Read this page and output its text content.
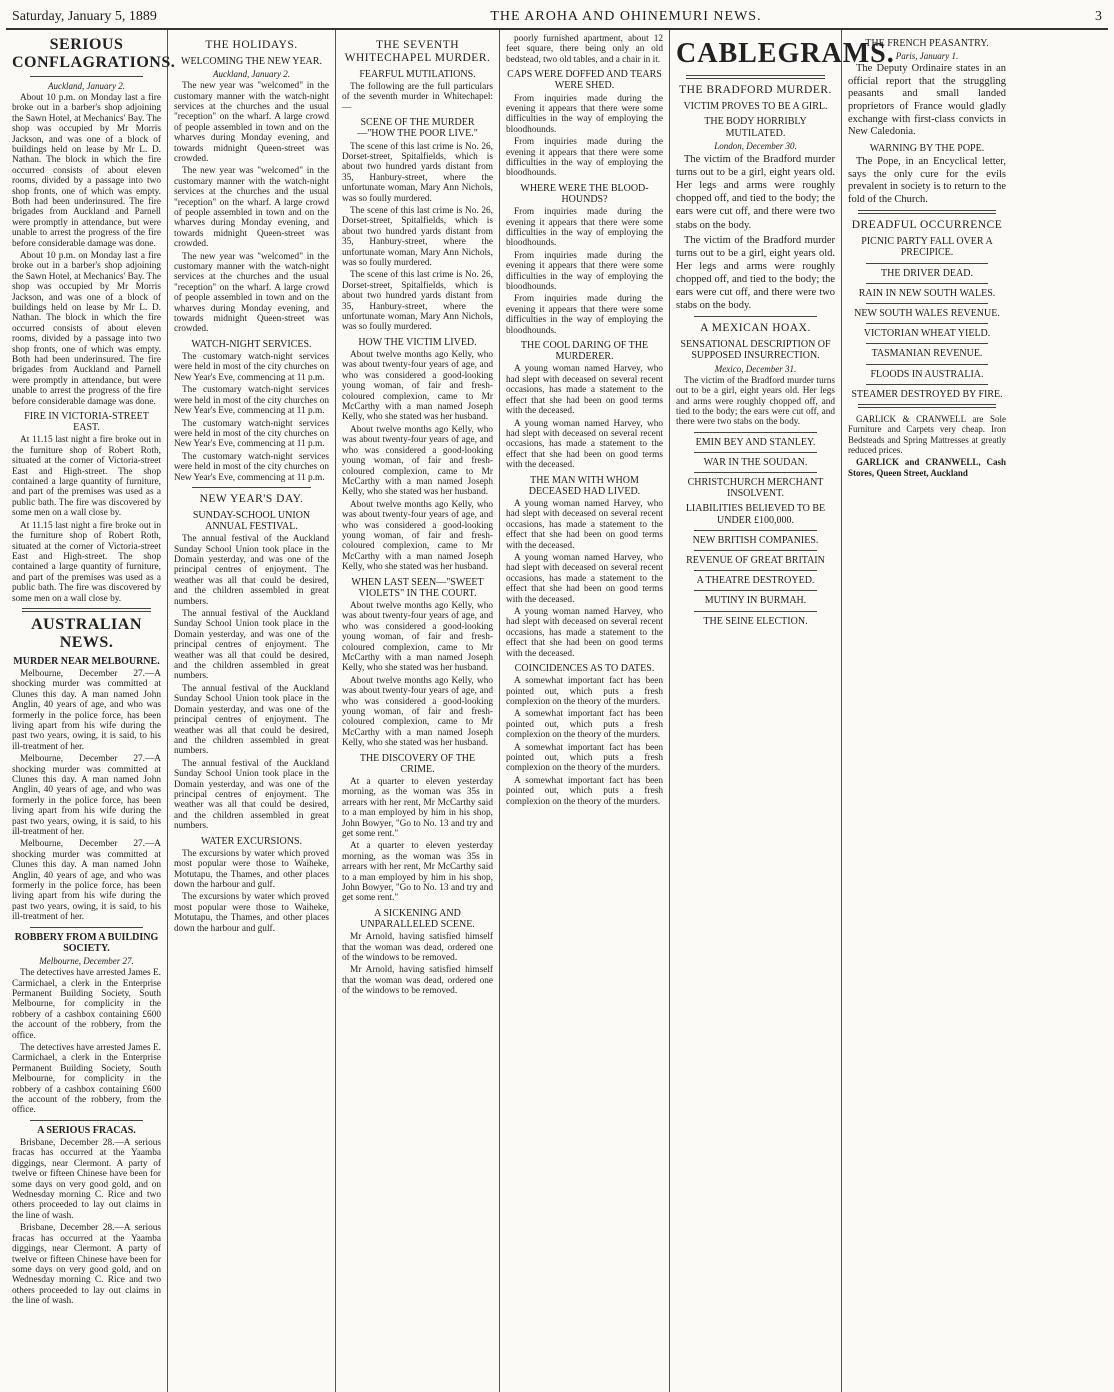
Saturday, January 5, 1889	THE AROHA AND OHINEMURI NEWS.	3
SERIOUS CONFLAGRATIONS.
Auckland, January 2.

About 10 p.m. on Monday last a fire broke out in a barber's shop adjoining the Sawn Hotel, at Mechanics' Bay. The shop was occupied by Mr Morris Jackson, and was one of a block of buildings held on lease by Mr L. D. Nathan. The block in which the fire occurred consists of about eleven rooms, divided by a passage into two shop fronts, one of which was empty. Both had been underinsured. The fire brigades from Auckland and Parnell were promptly in attendance, but were unable to arrest the progress of the fire before considerable damage was done.

About 10 p.m. on Monday last a fire broke out in a barber's shop adjoining the Sawn Hotel, at Mechanics' Bay. The shop was occupied by Mr Morris Jackson, and was one of a block of buildings held on lease by Mr L. D. Nathan. The block in which the fire occurred consists of about eleven rooms, divided by a passage into two shop fronts, one of which was empty. Both had been underinsured. The fire brigades from Auckland and Parnell were promptly in attendance, but were unable to arrest the progress of the fire before considerable damage was done.

FIRE IN VICTORIA-STREET EAST.

At 11.15 last night a fire broke out in the furniture shop of Robert Roth, situated at the corner of Victoria-street East and High-street. The shop contained a large quantity of furniture, and part of the premises was used as a public bath. The fire was discovered by some men on a wall close by.

At 11.15 last night a fire broke out in the furniture shop of Robert Roth, situated at the corner of Victoria-street East and High-street. The shop contained a large quantity of furniture, and part of the premises was used as a public bath. The fire was discovered by some men on a wall close by.

AUSTRALIAN NEWS.
MURDER NEAR MELBOURNE.

Melbourne, December 27.—A shocking murder was committed at Clunes this day. A man named John Anglin, 40 years of age, and who was formerly in the police force, has been living apart from his wife during the past two years, owing, it is said, to his ill-treatment of her.

Melbourne, December 27.—A shocking murder was committed at Clunes this day. A man named John Anglin, 40 years of age, and who was formerly in the police force, has been living apart from his wife during the past two years, owing, it is said, to his ill-treatment of her.

Melbourne, December 27.—A shocking murder was committed at Clunes this day. A man named John Anglin, 40 years of age, and who was formerly in the police force, has been living apart from his wife during the past two years, owing, it is said, to his ill-treatment of her.

ROBBERY FROM A BUILDING SOCIETY.
Melbourne, December 27.

The detectives have arrested James E. Carmichael, a clerk in the Enterprise Permanent Building Society, South Melbourne, for complicity in the robbery of a cashbox containing £600 the account of the robbery, from the office.

The detectives have arrested James E. Carmichael, a clerk in the Enterprise Permanent Building Society, South Melbourne, for complicity in the robbery of a cashbox containing £600 the account of the robbery, from the office.

A SERIOUS FRACAS.

Brisbane, December 28.—A serious fracas has occurred at the Yaamba diggings, near Clermont. A party of twelve or fifteen Chinese have been for some days on very good gold, and on Wednesday morning C. Rice and two others proceeded to lay out claims in the line of wash.

Brisbane, December 28.—A serious fracas has occurred at the Yaamba diggings, near Clermont. A party of twelve or fifteen Chinese have been for some days on very good gold, and on Wednesday morning C. Rice and two others proceeded to lay out claims in the line of wash.

THE HOLIDAYS.
WELCOMING THE NEW YEAR.
Auckland, January 2.

The new year was "welcomed" in the customary manner with the watch-night services at the churches and the usual "reception" on the wharf. A large crowd of people assembled in town and on the wharves during Monday evening, and towards midnight Queen-street was crowded.

The new year was "welcomed" in the customary manner with the watch-night services at the churches and the usual "reception" on the wharf. A large crowd of people assembled in town and on the wharves during Monday evening, and towards midnight Queen-street was crowded.

The new year was "welcomed" in the customary manner with the watch-night services at the churches and the usual "reception" on the wharf. A large crowd of people assembled in town and on the wharves during Monday evening, and towards midnight Queen-street was crowded.

WATCH-NIGHT SERVICES.

The customary watch-night services were held in most of the city churches on New Year's Eve, commencing at 11 p.m.

The customary watch-night services were held in most of the city churches on New Year's Eve, commencing at 11 p.m.

The customary watch-night services were held in most of the city churches on New Year's Eve, commencing at 11 p.m.

The customary watch-night services were held in most of the city churches on New Year's Eve, commencing at 11 p.m.

NEW YEAR'S DAY.
SUNDAY-SCHOOL UNION ANNUAL FESTIVAL.

The annual festival of the Auckland Sunday School Union took place in the Domain yesterday, and was one of the principal centres of enjoyment. The weather was all that could be desired, and the children assembled in great numbers.

The annual festival of the Auckland Sunday School Union took place in the Domain yesterday, and was one of the principal centres of enjoyment. The weather was all that could be desired, and the children assembled in great numbers.

The annual festival of the Auckland Sunday School Union took place in the Domain yesterday, and was one of the principal centres of enjoyment. The weather was all that could be desired, and the children assembled in great numbers.

The annual festival of the Auckland Sunday School Union took place in the Domain yesterday, and was one of the principal centres of enjoyment. The weather was all that could be desired, and the children assembled in great numbers.

WATER EXCURSIONS.

The excursions by water which proved most popular were those to Waiheke, Motutapu, the Thames, and other places down the harbour and gulf.

The excursions by water which proved most popular were those to Waiheke, Motutapu, the Thames, and other places down the harbour and gulf.

THE SEVENTH WHITECHAPEL MURDER.
FEARFUL MUTILATIONS.

The following are the full particulars of the seventh murder in Whitechapel:—

SCENE OF THE MURDER—"HOW THE POOR LIVE."

The scene of this last crime is No. 26, Dorset-street, Spitalfields, which is about two hundred yards distant from 35, Hanbury-street, where the unfortunate woman, Mary Ann Nichols, was so foully murdered.

The scene of this last crime is No. 26, Dorset-street, Spitalfields, which is about two hundred yards distant from 35, Hanbury-street, where the unfortunate woman, Mary Ann Nichols, was so foully murdered.

The scene of this last crime is No. 26, Dorset-street, Spitalfields, which is about two hundred yards distant from 35, Hanbury-street, where the unfortunate woman, Mary Ann Nichols, was so foully murdered.

HOW THE VICTIM LIVED.

About twelve months ago Kelly, who was about twenty-four years of age, and who was considered a good-looking young woman, of fair and fresh-coloured complexion, came to Mr McCarthy with a man named Joseph Kelly, who she stated was her husband.

About twelve months ago Kelly, who was about twenty-four years of age, and who was considered a good-looking young woman, of fair and fresh-coloured complexion, came to Mr McCarthy with a man named Joseph Kelly, who she stated was her husband.

About twelve months ago Kelly, who was about twenty-four years of age, and who was considered a good-looking young woman, of fair and fresh-coloured complexion, came to Mr McCarthy with a man named Joseph Kelly, who she stated was her husband.

WHEN LAST SEEN—"SWEET VIOLETS" IN THE COURT.

About twelve months ago Kelly, who was about twenty-four years of age, and who was considered a good-looking young woman, of fair and fresh-coloured complexion, came to Mr McCarthy with a man named Joseph Kelly, who she stated was her husband.

About twelve months ago Kelly, who was about twenty-four years of age, and who was considered a good-looking young woman, of fair and fresh-coloured complexion, came to Mr McCarthy with a man named Joseph Kelly, who she stated was her husband.

THE DISCOVERY OF THE CRIME.

At a quarter to eleven yesterday morning, as the woman was 35s in arrears with her rent, Mr McCarthy said to a man employed by him in his shop, John Bowyer, "Go to No. 13 and try and get some rent."

At a quarter to eleven yesterday morning, as the woman was 35s in arrears with her rent, Mr McCarthy said to a man employed by him in his shop, John Bowyer, "Go to No. 13 and try and get some rent."

A SICKENING AND UNPARALLELED SCENE.

Mr Arnold, having satisfied himself that the woman was dead, ordered one of the windows to be removed.

Mr Arnold, having satisfied himself that the woman was dead, ordered one of the windows to be removed.

poorly furnished apartment, about 12 feet square, there being only an old bedstead, two old tables, and a chair in it.

CAPS WERE DOFFED AND TEARS WERE SHED.

From inquiries made during the evening it appears that there were some difficulties in the way of employing the bloodhounds.

From inquiries made during the evening it appears that there were some difficulties in the way of employing the bloodhounds.

WHERE WERE THE BLOOD-HOUNDS?

From inquiries made during the evening it appears that there were some difficulties in the way of employing the bloodhounds.

From inquiries made during the evening it appears that there were some difficulties in the way of employing the bloodhounds.

From inquiries made during the evening it appears that there were some difficulties in the way of employing the bloodhounds.

THE COOL DARING OF THE MURDERER.

A young woman named Harvey, who had slept with deceased on several recent occasions, has made a statement to the effect that she had been on good terms with the deceased.

A young woman named Harvey, who had slept with deceased on several recent occasions, has made a statement to the effect that she had been on good terms with the deceased.

THE MAN WITH WHOM DECEASED HAD LIVED.

A young woman named Harvey, who had slept with deceased on several recent occasions, has made a statement to the effect that she had been on good terms with the deceased.

A young woman named Harvey, who had slept with deceased on several recent occasions, has made a statement to the effect that she had been on good terms with the deceased.

A young woman named Harvey, who had slept with deceased on several recent occasions, has made a statement to the effect that she had been on good terms with the deceased.

COINCIDENCES AS TO DATES.

A somewhat important fact has been pointed out, which puts a fresh complexion on the theory of the murders.

A somewhat important fact has been pointed out, which puts a fresh complexion on the theory of the murders.

A somewhat important fact has been pointed out, which puts a fresh complexion on the theory of the murders.

A somewhat important fact has been pointed out, which puts a fresh complexion on the theory of the murders.

CABLEGRAMS.
THE BRADFORD MURDER.
VICTIM PROVES TO BE A GIRL.
THE BODY HORRIBLY MUTILATED.
London, December 30.

The victim of the Bradford murder turns out to be a girl, eight years old. Her legs and arms were roughly chopped off, and tied to the body; the ears were cut off, and there were two stabs on the body.

The victim of the Bradford murder turns out to be a girl, eight years old. Her legs and arms were roughly chopped off, and tied to the body; the ears were cut off, and there were two stabs on the body.

A MEXICAN HOAX.
SENSATIONAL DESCRIPTION OF SUPPOSED INSURRECTION.
Mexico, December 31.

The victim of the Bradford murder turns out to be a girl, eight years old. Her legs and arms were roughly chopped off, and tied to the body; the ears were cut off, and there were two stabs on the body.

EMIN BEY AND STANLEY.
WAR IN THE SOUDAN.
CHRISTCHURCH MERCHANT INSOLVENT.
LIABILITIES BELIEVED TO BE UNDER £100,000.
NEW BRITISH COMPANIES.
REVENUE OF GREAT BRITAIN
A THEATRE DESTROYED.
MUTINY IN BURMAH.
THE SEINE ELECTION.
THE FRENCH PEASANTRY.
Paris, January 1.

The Deputy Ordinaire states in an official report that the struggling peasants and small landed proprietors of France would gladly exchange with first-class convicts in New Caledonia.

WARNING BY THE POPE.

The Pope, in an Encyclical letter, says the only cure for the evils prevalent in society is to return to the fold of the Church.

DREADFUL OCCURRENCE
PICNIC PARTY FALL OVER A PRECIPICE.
THE DRIVER DEAD.
RAIN IN NEW SOUTH WALES.
NEW SOUTH WALES REVENUE.
VICTORIAN WHEAT YIELD.
TASMANIAN REVENUE.
FLOODS IN AUSTRALIA.
STEAMER DESTROYED BY FIRE.

GARLICK & CRANWELL are Sole Furniture and Carpets very cheap. Iron Bedsteads and Spring Mattresses at greatly reduced prices.

GARLICK and CRANWELL, Cash Stores, Queen Street, Auckland
